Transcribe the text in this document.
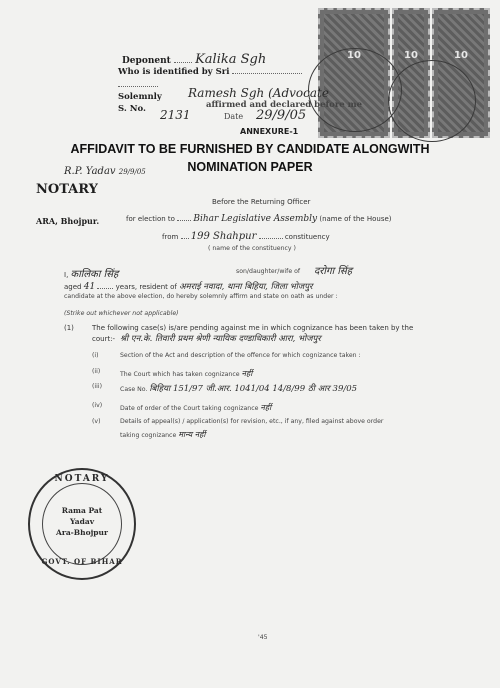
10	10	10
Deponent Kalika Sgh
Who is identified by Sri
Solemnly Ramesh Sgh (Advocate
affirmed and declared before me
S. No. 2131	Date 29/9/05
ANNEXURE-1
AFFIDAVIT TO BE FURNISHED BY CANDIDATE ALONGWITH
NOMINATION PAPER
R.P. Yadav 29/9/05
NOTARY
ARA, Bhojpur.
Before the Returning Officer
for election to Bihar Legislative Assembly (name of the House)
from 199 Shahpur	constituency
( name of the constituency )
I, कालिका सिंह	son/daughter/wife of दरोगा सिंह
aged 41	years, resident of अमराई नवादा, थाना बिहिया, जिला भोजपुर
candidate at the above election, do hereby solemnly affirm and state on oath as under :
(Strike out whichever not applicable)
(1)	The following case(s) is/are pending against me in which cognizance has been taken by the
court:- श्री एन.के. तिवारी प्रथम श्रेणी न्यायिक दण्डाधिकारी आरा, भोजपुर
(i)	Section of the Act and description of the offence for which cognizance taken :
(ii)	The Court which has taken cognizance नहीं
(iii)	Case No. बिहिया 151/97 जी.आर. 1041/04 14/8/99 ठी आर 39/05
(iv)	Date of order of the Court taking cognizance नहीं
(v)	Details of appeal(s) / application(s) for revision, etc., if any, filed against above order
taking cognizance मान्य नहीं
NOTARY
Rama Pat
Yadav
Ara-Bhojpur
GOVT. OF BIHAR
'45
